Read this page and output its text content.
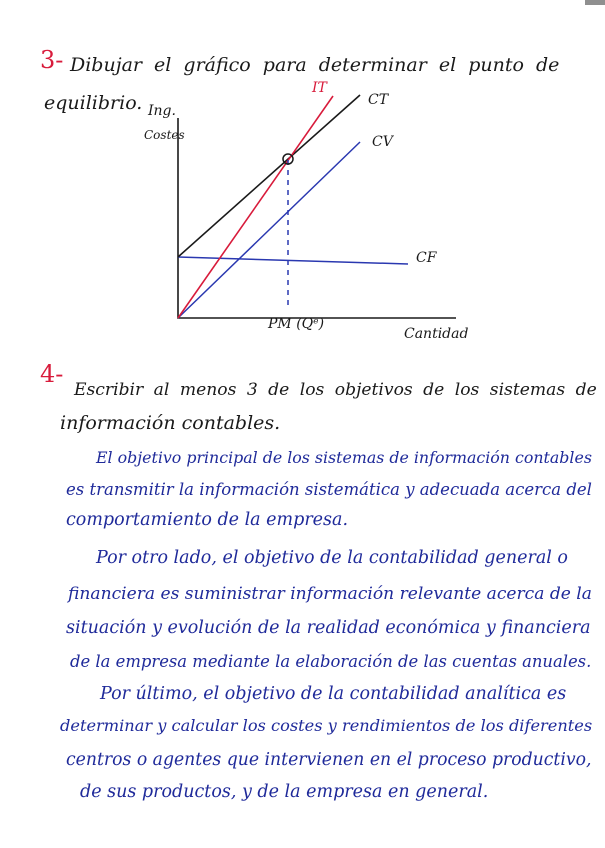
3- Dibujar el gráfico para determinar el punto de
equilibrio. Ing.
Costes
IT
CT
CV
CF
PM (Qᵉ)
Cantidad
4-
Escribir al menos 3 de los objetivos de los sistemas de
información contables.
El objetivo principal de los sistemas de información contables
es transmitir la información sistemática y adecuada acerca del
comportamiento de la empresa.
Por otro lado, el objetivo de la contabilidad general o
financiera es suministrar información relevante acerca de la
situación y evolución de la realidad económica y financiera
de la empresa mediante la elaboración de las cuentas anuales.
Por último, el objetivo de la contabilidad analítica es
determinar y calcular los costes y rendimientos de los diferentes
centros o agentes que intervienen en el proceso productivo,
de sus productos, y de la empresa en general.
